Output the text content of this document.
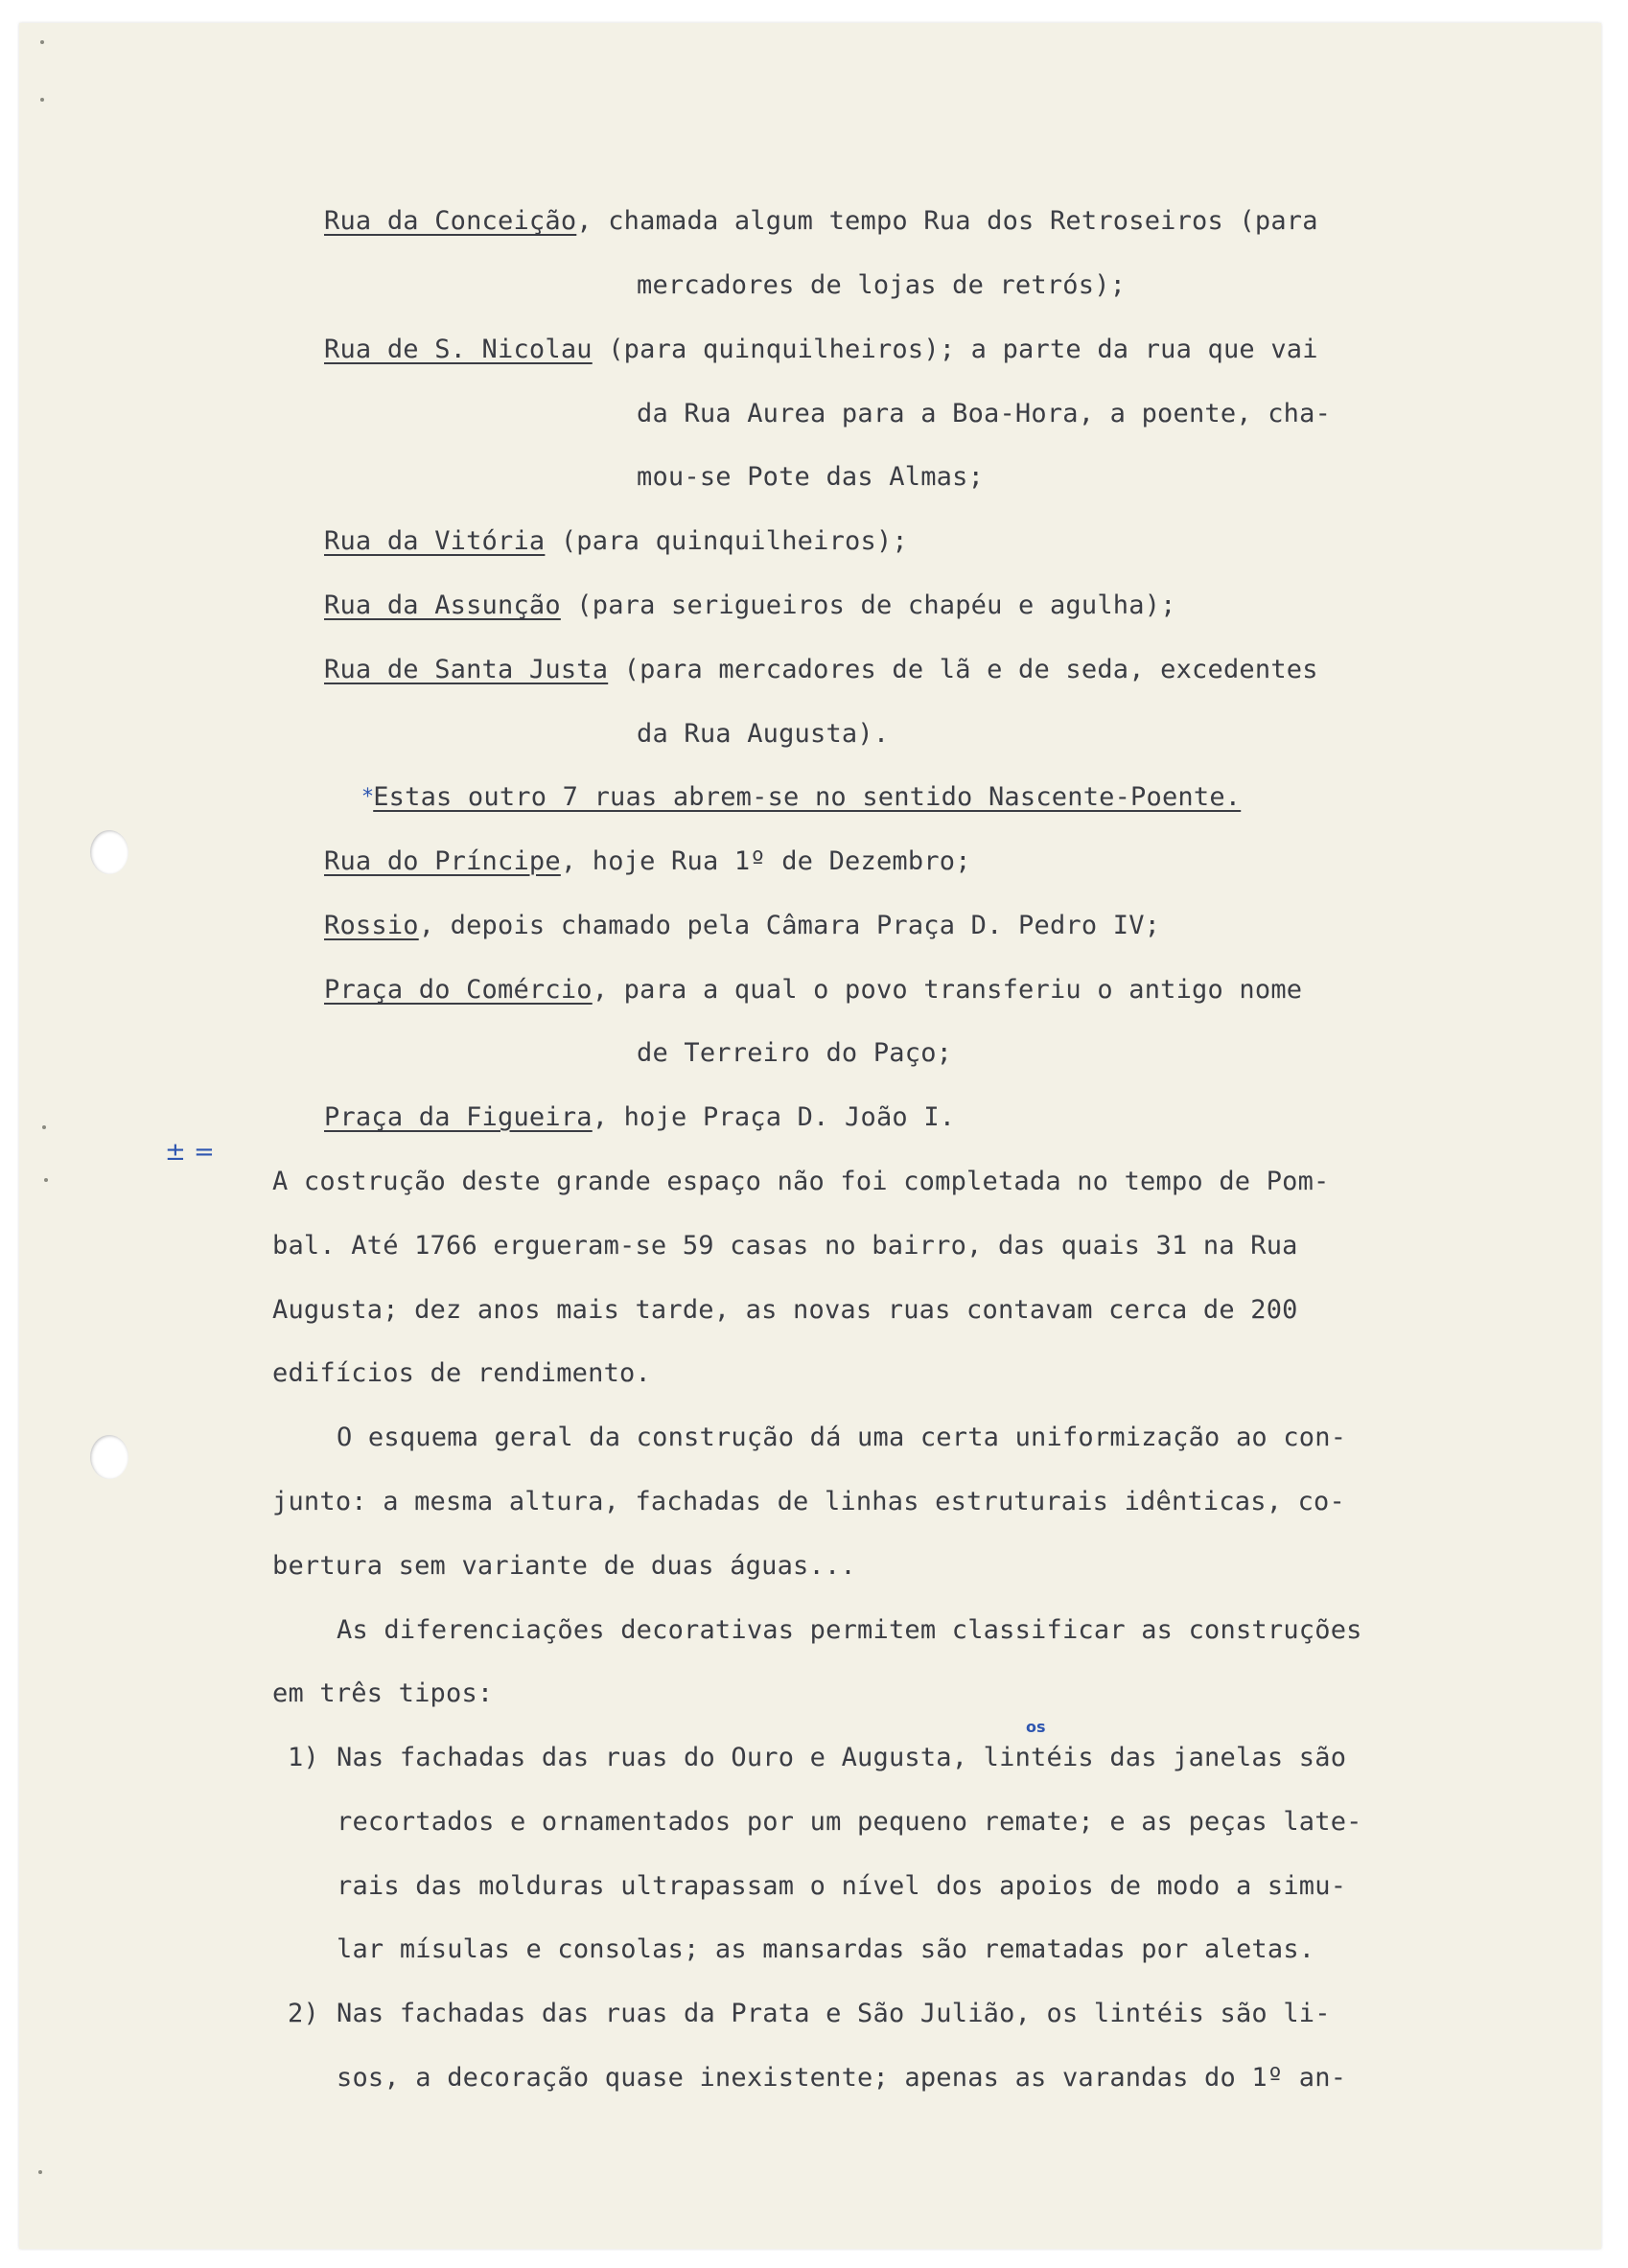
Rua da Conceição, chamada algum tempo Rua dos Retroseiros (para
mercadores de lojas de retrós);
Rua de S. Nicolau (para quinquilheiros); a parte da rua que vai
da Rua Aurea para a Boa-Hora, a poente, cha-
mou-se Pote das Almas;
Rua da Vitória (para quinquilheiros);
Rua da Assunção (para serigueiros de chapéu e agulha);
Rua de Santa Justa (para mercadores de lã e de seda, excedentes
da Rua Augusta).
*Estas outro 7 ruas abrem-se no sentido Nascente-Poente.
Rua do Príncipe, hoje Rua 1º de Dezembro;
Rossio, depois chamado pela Câmara Praça D. Pedro IV;
Praça do Comércio, para a qual o povo transferiu o antigo nome
de Terreiro do Paço;
Praça da Figueira, hoje Praça D. João I.
± =
A costrução deste grande espaço não foi completada no tempo de Pom-
bal. Até 1766 ergueram-se 59 casas no bairro, das quais 31 na Rua
Augusta; dez anos mais tarde, as novas ruas contavam cerca de 200
edifícios de rendimento.
O esquema geral da construção dá uma certa uniformização ao con-
junto: a mesma altura, fachadas de linhas estruturais idênticas, co-
bertura sem variante de duas águas...
As diferenciações decorativas permitem classificar as construções
em três tipos:
os
1) Nas fachadas das ruas do Ouro e Augusta, lintéis das janelas são
recortados e ornamentados por um pequeno remate; e as peças late-
rais das molduras ultrapassam o nível dos apoios de modo a simu-
lar mísulas e consolas; as mansardas são rematadas por aletas.
2) Nas fachadas das ruas da Prata e São Julião, os lintéis são li-
sos, a decoração quase inexistente; apenas as varandas do 1º an-
